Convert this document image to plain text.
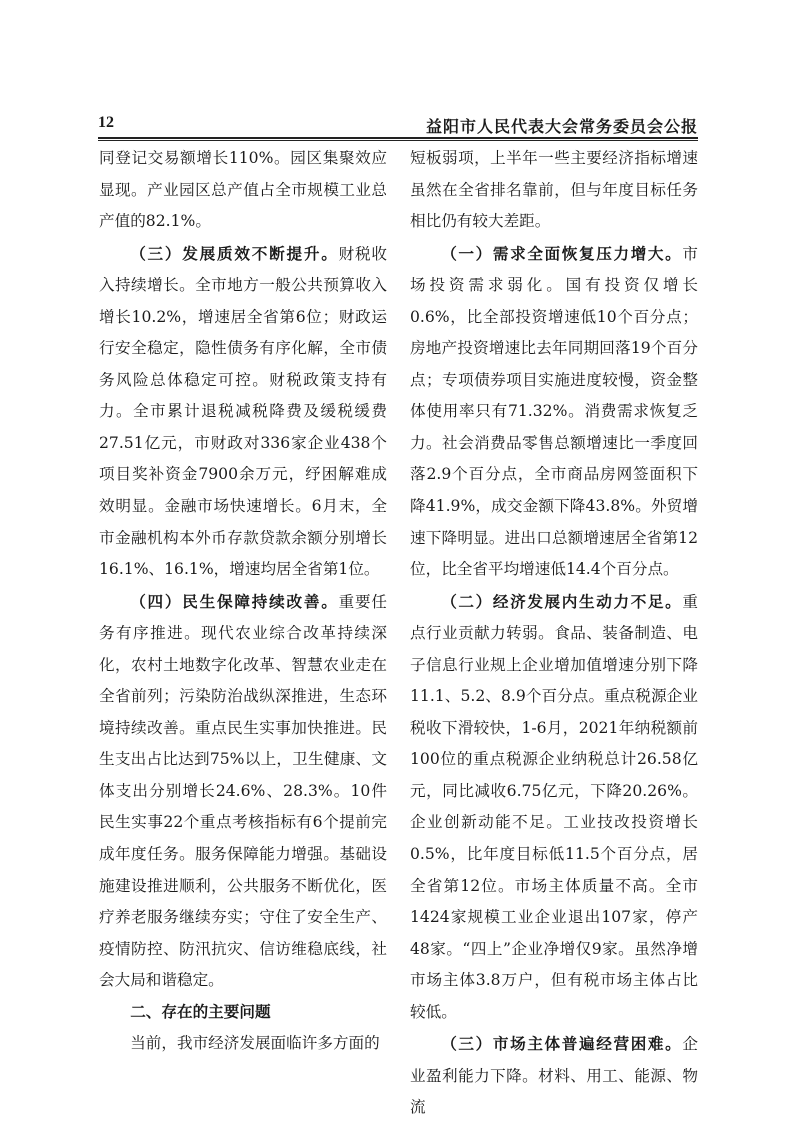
12	益阳市人民代表大会常务委员会公报

同登记交易额增长110%。园区集聚效应显现。产业园区总产值占全市规模工业总产值的82.1%。

（三）发展质效不断提升。财税收入持续增长。全市地方一般公共预算收入增长10.2%，增速居全省第6位；财政运行安全稳定，隐性债务有序化解，全市债务风险总体稳定可控。财税政策支持有力。全市累计退税减税降费及缓税缓费27.51亿元，市财政对336家企业438个项目奖补资金7900余万元，纾困解难成效明显。金融市场快速增长。6月末，全市金融机构本外币存款贷款余额分别增长16.1%、16.1%，增速均居全省第1位。

（四）民生保障持续改善。重要任务有序推进。现代农业综合改革持续深化，农村土地数字化改革、智慧农业走在全省前列；污染防治战纵深推进，生态环境持续改善。重点民生实事加快推进。民生支出占比达到75%以上，卫生健康、文体支出分别增长24.6%、28.3%。10件民生实事22个重点考核指标有6个提前完成年度任务。服务保障能力增强。基础设施建设推进顺利，公共服务不断优化，医疗养老服务继续夯实；守住了安全生产、疫情防控、防汛抗灾、信访维稳底线，社会大局和谐稳定。

二、存在的主要问题

当前，我市经济发展面临许多方面的

短板弱项，上半年一些主要经济指标增速虽然在全省排名靠前，但与年度目标任务相比仍有较大差距。

（一）需求全面恢复压力增大。市场投资需求弱化。国有投资仅增长0.6%，比全部投资增速低10个百分点；房地产投资增速比去年同期回落19个百分点；专项债券项目实施进度较慢，资金整体使用率只有71.32%。消费需求恢复乏力。社会消费品零售总额增速比一季度回落2.9个百分点，全市商品房网签面积下降41.9%，成交金额下降43.8%。外贸增速下降明显。进出口总额增速居全省第12位，比全省平均增速低14.4个百分点。

（二）经济发展内生动力不足。重点行业贡献力转弱。食品、装备制造、电子信息行业规上企业增加值增速分别下降11.1、5.2、8.9个百分点。重点税源企业税收下滑较快，1-6月，2021年纳税额前100位的重点税源企业纳税总计26.58亿元，同比减收6.75亿元，下降20.26%。企业创新动能不足。工业技改投资增长0.5%，比年度目标低11.5个百分点，居全省第12位。市场主体质量不高。全市1424家规模工业企业退出107家，停产48家。“四上”企业净增仅9家。虽然净增市场主体3.8万户，但有税市场主体占比较低。

（三）市场主体普遍经营困难。企业盈利能力下降。材料、用工、能源、物流
